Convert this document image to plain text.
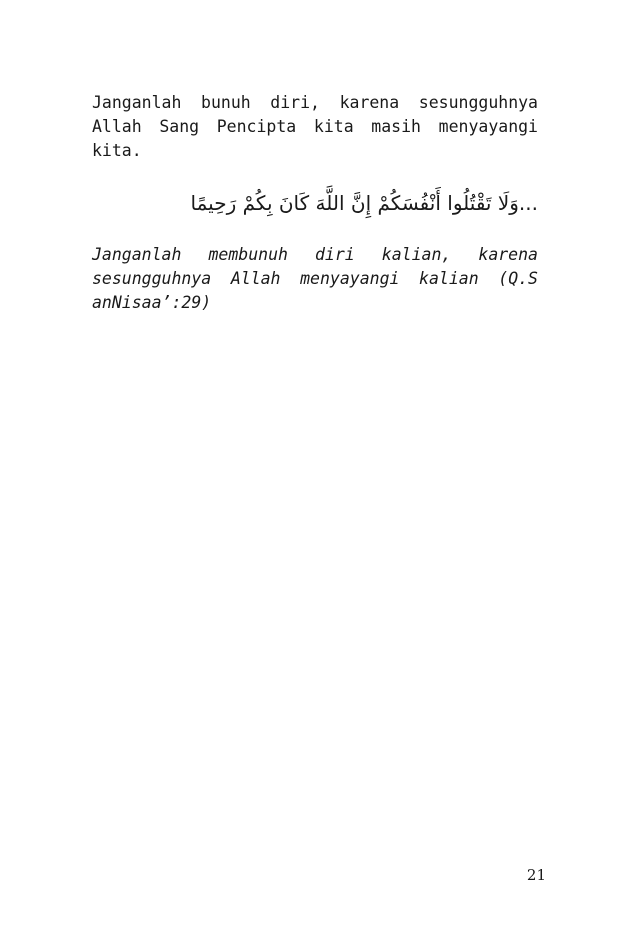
Janganlah bunuh diri, karena sesungguhnya Allah Sang Pencipta kita masih menyayangi kita.

...وَلَا تَقْتُلُوا أَنْفُسَكُمْ إِنَّ اللَّهَ كَانَ بِكُمْ رَحِيمًا

Janganlah membunuh diri kalian, karena sesungguhnya Allah menyayangi kalian (Q.S anNisaa’:29)

21
